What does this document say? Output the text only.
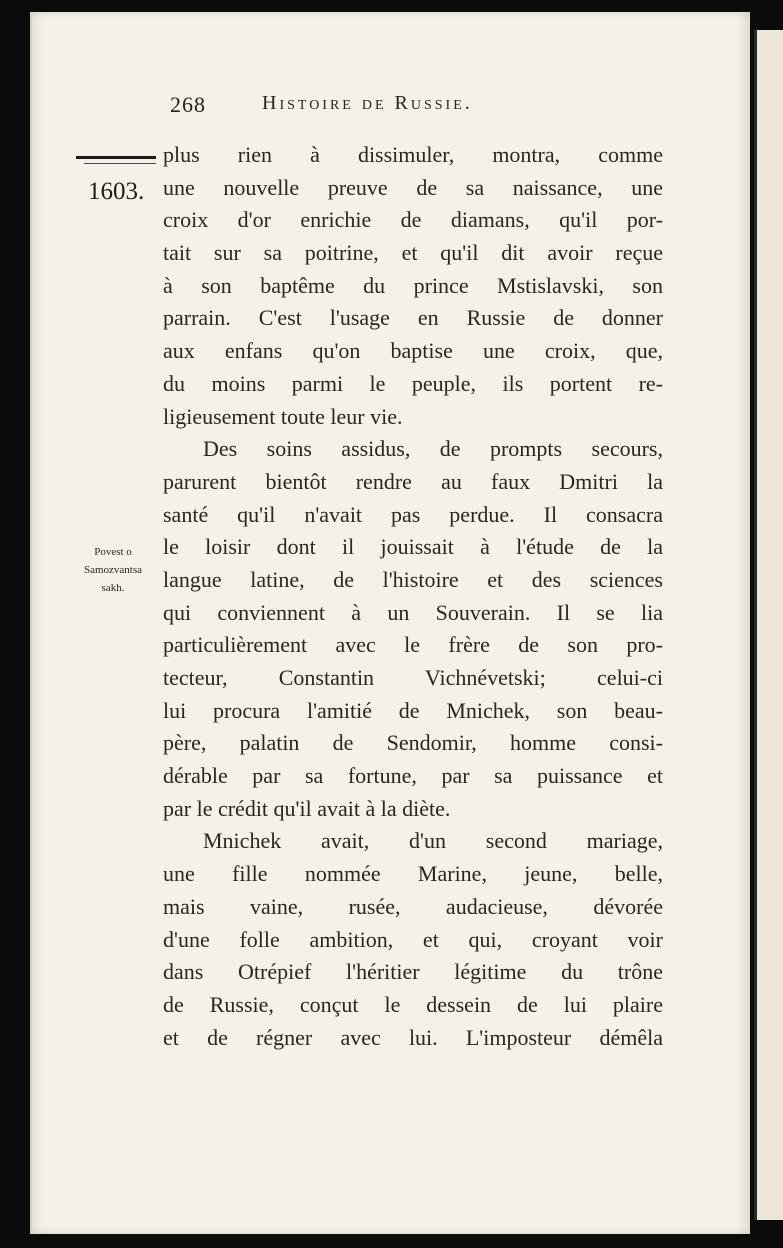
268	Histoire de Russie.
1603.
Povest o
Samozvantsa
sakh.
plus rien à dissimuler, montra, comme
une nouvelle preuve de sa naissance, une
croix d'or enrichie de diamans, qu'il por-
tait sur sa poitrine, et qu'il dit avoir reçue
à son baptême du prince Mstislavski, son
parrain. C'est l'usage en Russie de donner
aux enfans qu'on baptise une croix, que,
du moins parmi le peuple, ils portent re-
ligieusement toute leur vie.
Des soins assidus, de prompts secours,
parurent bientôt rendre au faux Dmitri la
santé qu'il n'avait pas perdue. Il consacra
le loisir dont il jouissait à l'étude de la
langue latine, de l'histoire et des sciences
qui conviennent à un Souverain. Il se lia
particulièrement avec le frère de son pro-
tecteur, Constantin Vichnévetski; celui-ci
lui procura l'amitié de Mnichek, son beau-
père, palatin de Sendomir, homme consi-
dérable par sa fortune, par sa puissance et
par le crédit qu'il avait à la diète.
Mnichek avait, d'un second mariage,
une fille nommée Marine, jeune, belle,
mais vaine, rusée, audacieuse, dévorée
d'une folle ambition, et qui, croyant voir
dans Otrépief l'héritier légitime du trône
de Russie, conçut le dessein de lui plaire
et de régner avec lui. L'imposteur démêla
